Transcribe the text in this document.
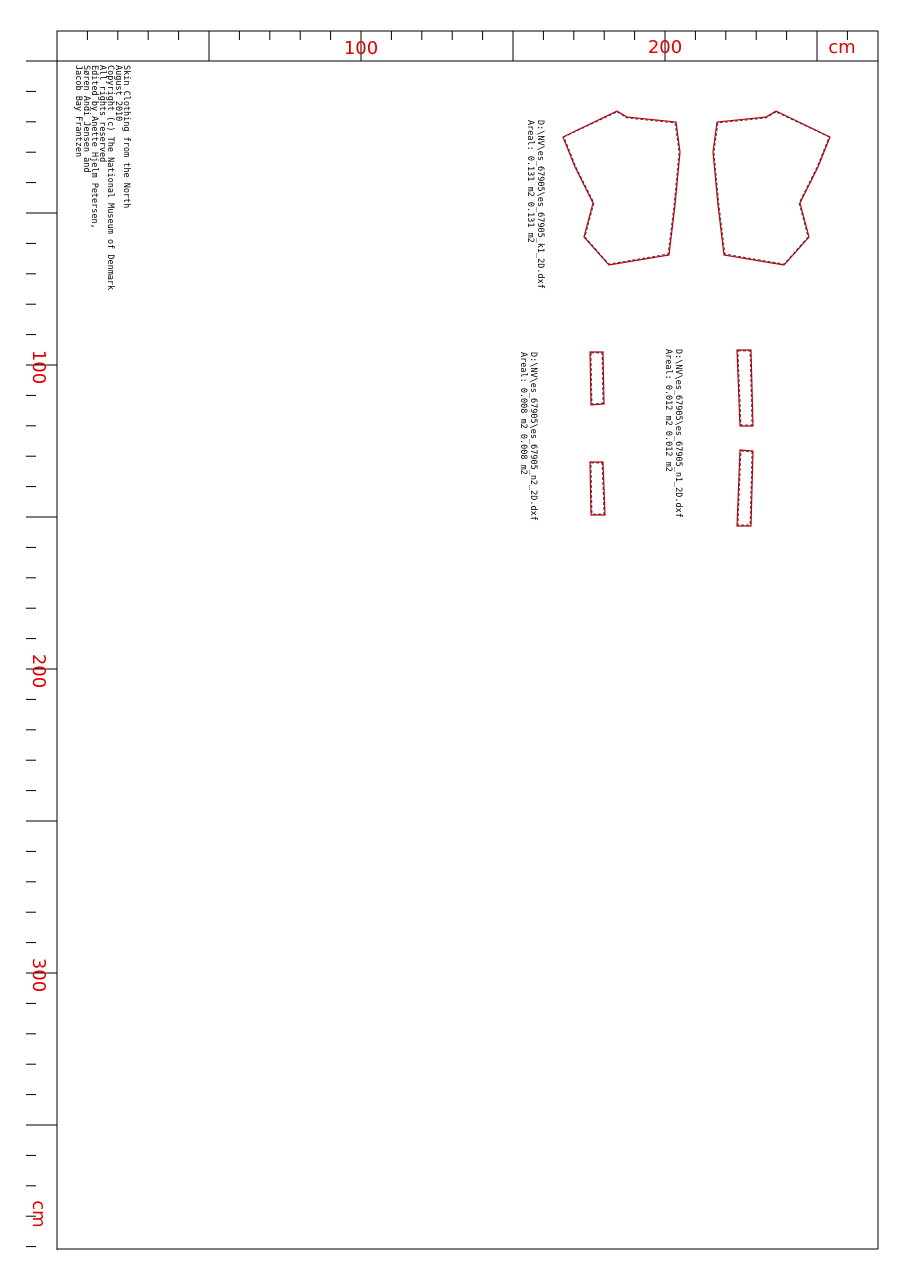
100	200	cm
100
200
300
cm
Skin Clothing from the North
August 2010
Copyright (c) The National Museum of Denmark
All rights reserved
Edited by Anette Hjelm Petersen,
Søren Andi Jensen and
Jacob Bay Frantzen
D:\NV\es_67905\es_67905_k1_2D.dxf
Areal: 0.131 m2 0.131 m2
D:\NV\es_67905\es_67905_n2_2D.dxf
Areal: 0.008 m2 0.008 m2	D:\NV\es_67905\es_67905_n1_2D.dxf
Areal: 0.012 m2 0.012 m2
